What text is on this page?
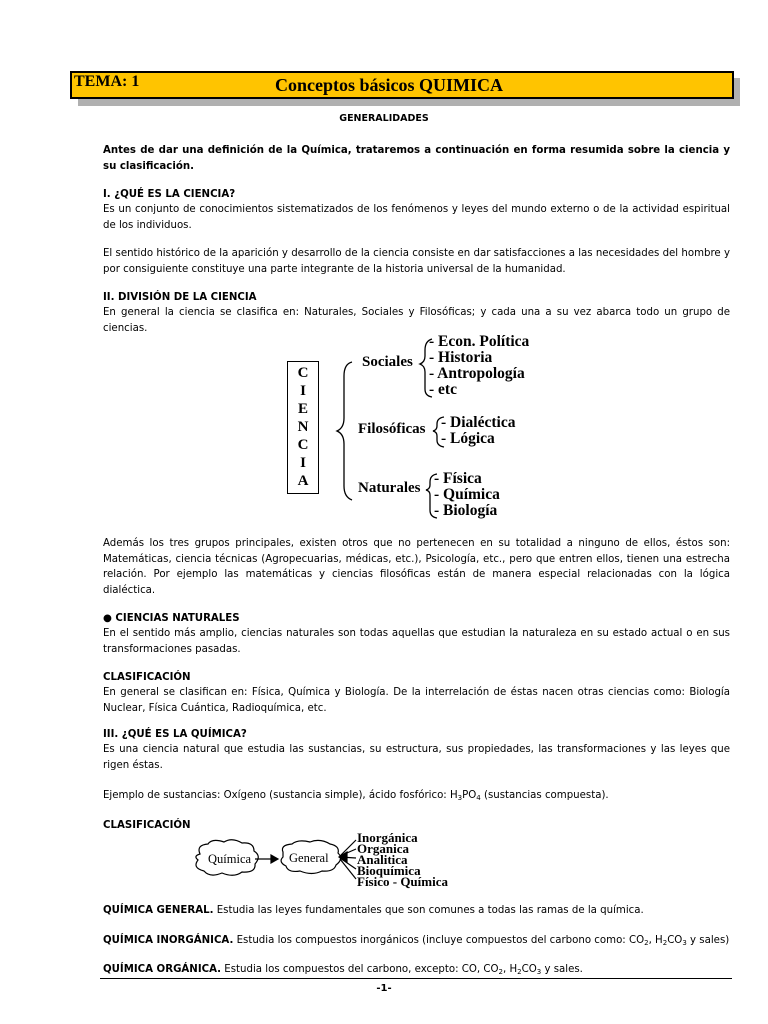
TEMA: 1	Conceptos básicos QUIMICA
GENERALIDADES
Antes de dar una definición de la Química, trataremos a continuación en forma resumida sobre la ciencia y su clasificación.
I. ¿QUÉ ES LA CIENCIA?
Es un conjunto de conocimientos sistematizados de los fenómenos y leyes del mundo externo o de la actividad espiritual de los individuos.
El sentido histórico de la aparición y desarrollo de la ciencia consiste en dar satisfacciones a las necesidades del hombre y por consiguiente constituye una parte integrante de la historia universal de la humanidad.
II. DIVISIÓN DE LA CIENCIA
En general la ciencia se clasifica en: Naturales, Sociales y Filosóficas; y cada una a su vez abarca todo un grupo de ciencias.
C
I
E
N
C
I
A
Sociales
- Econ. Política
- Historia
- Antropología
- etc
Filosóficas - Dialéctica
- Lógica
Naturales
- Física
- Química
- Biología
Además los tres grupos principales, existen otros que no pertenecen en su totalidad a ninguno de ellos, éstos son: Matemáticas, ciencia técnicas (Agropecuarias, médicas, etc.), Psicología, etc., pero que entren ellos, tienen una estrecha relación. Por ejemplo las matemáticas y ciencias filosóficas están de manera especial relacionadas con la lógica dialéctica.
● CIENCIAS NATURALES
En el sentido más amplio, ciencias naturales son todas aquellas que estudian la naturaleza en su estado actual o en sus transformaciones pasadas.
CLASIFICACIÓN
En general se clasifican en: Física, Química y Biología. De la interrelación de éstas nacen otras ciencias como: Biología Nuclear, Física Cuántica, Radioquímica, etc.
III. ¿QUÉ ES LA QUÍMICA?
Es una ciencia natural que estudia las sustancias, su estructura, sus propiedades, las transformaciones y las leyes que rigen éstas.
Ejemplo de sustancias: Oxígeno (sustancia simple), ácido fosfórico: $H_3PO_4$ (sustancias compuesta).
CLASIFICACIÓN
Química	General
Inorgánica
Organica
Analitica
Bioquímica
Físico - Química
QUÍMICA GENERAL. Estudia las leyes fundamentales que son comunes a todas las ramas de la química.
QUÍMICA INORGÁNICA. Estudia los compuestos inorgánicos (incluye compuestos del carbono como: $CO_2$, $H_2CO_3$ y sales)
QUÍMICA ORGÁNICA. Estudia los compuestos del carbono, excepto: CO, $CO_2$, $H_2CO_3$ y sales.
-1-
